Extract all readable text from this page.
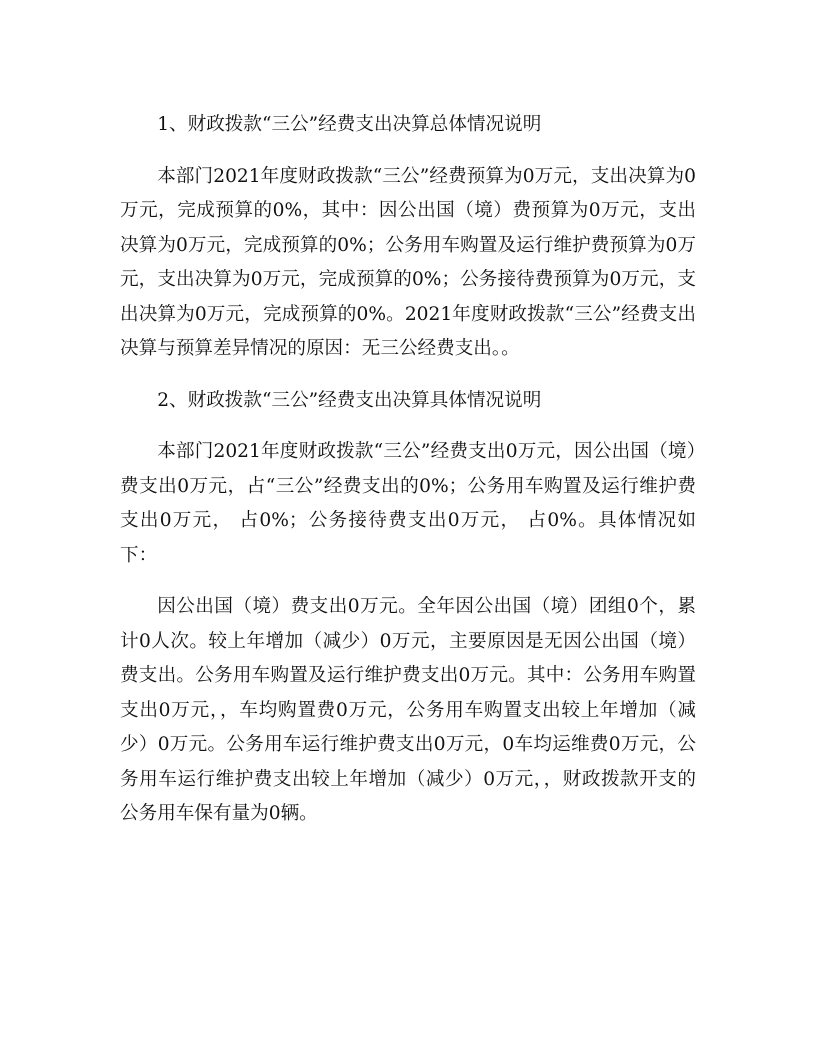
1、财政拨款“三公”经费支出决算总体情况说明

本部门2021年度财政拨款“三公”经费预算为0万元，支出决算为0万元，完成预算的0%，其中：因公出国（境）费预算为0万元，支出决算为0万元，完成预算的0%；公务用车购置及运行维护费预算为0万元，支出决算为0万元，完成预算的0%；公务接待费预算为0万元，支出决算为0万元，完成预算的0%。2021年度财政拨款“三公”经费支出决算与预算差异情况的原因：无三公经费支出。。

2、财政拨款“三公”经费支出决算具体情况说明

本部门2021年度财政拨款“三公”经费支出0万元，因公出国（境）费支出0万元，占“三公”经费支出的0%；公务用车购置及运行维护费支出0万元， 占0%；公务接待费支出0万元， 占0%。具体情况如下：

因公出国（境）费支出0万元。全年因公出国（境）团组0个，累计0人次。较上年增加（减少）0万元，主要原因是无因公出国（境）费支出。公务用车购置及运行维护费支出0万元。其中：公务用车购置支出0万元，，车均购置费0万元，公务用车购置支出较上年增加（减少）0万元。公务用车运行维护费支出0万元，0车均运维费0万元，公务用车运行维护费支出较上年增加（减少）0万元，，财政拨款开支的公务用车保有量为0辆。
